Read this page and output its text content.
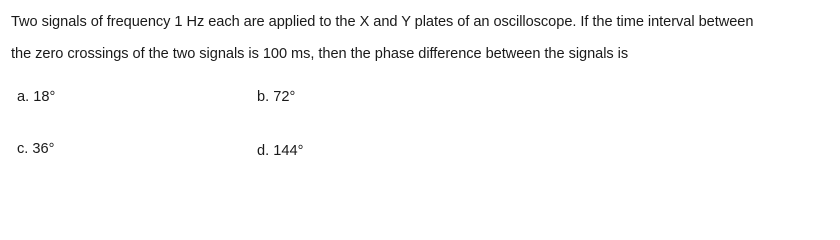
Two signals of frequency 1 Hz each are applied to the X and Y plates of an oscilloscope. If the time interval between
the zero crossings of the two signals is 100 ms, then the phase difference between the signals is
a. 18°	b. 72°
c. 36°	d. 144°
